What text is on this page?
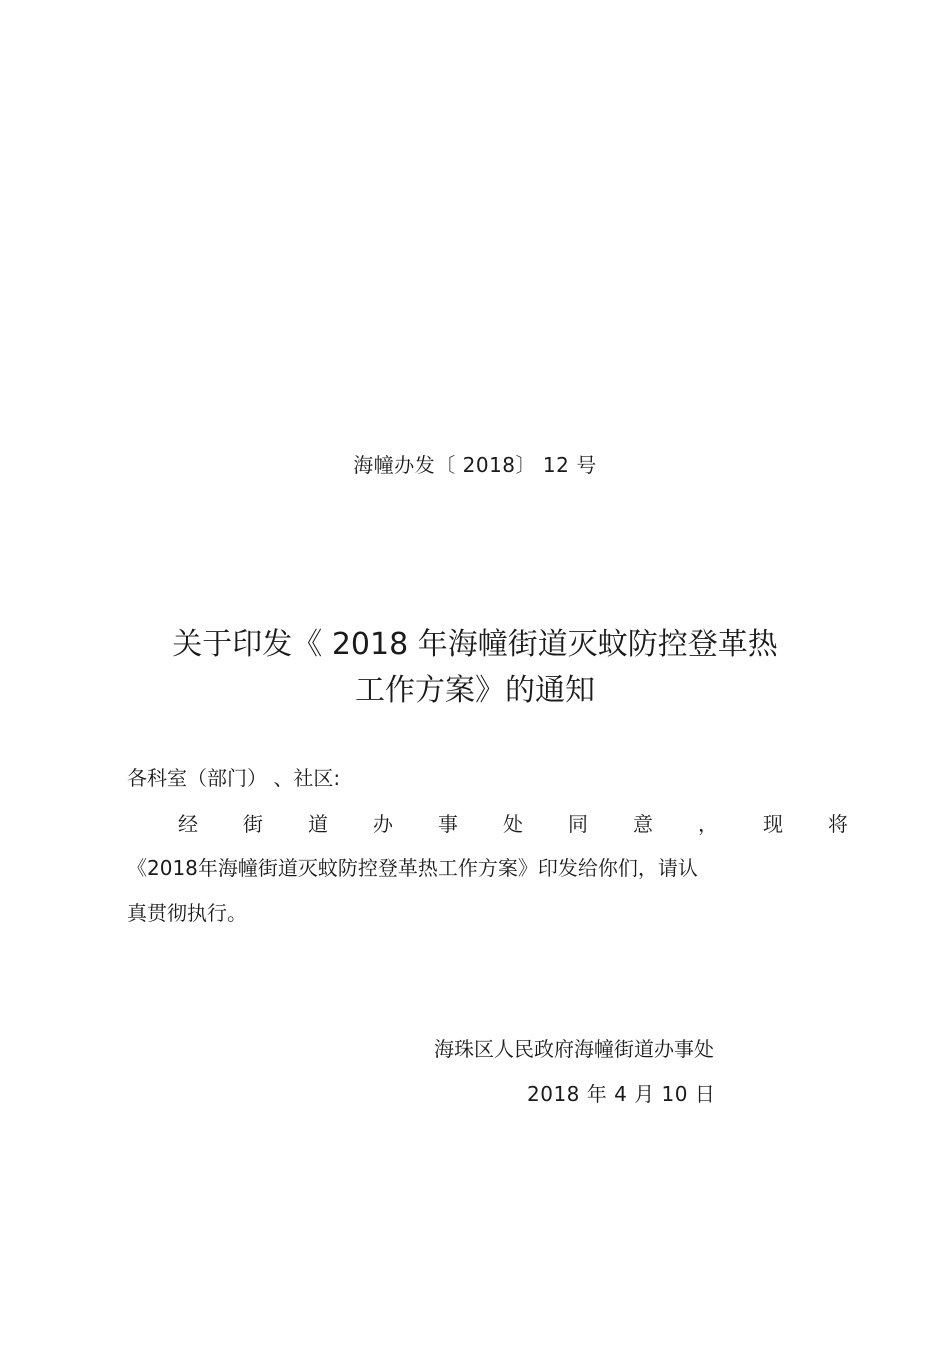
海幢办发〔 2018〕 12 号
关于印发《 2018 年海幢街道灭蚊防控登革热
工作方案》的通知
各科室（部门） 、社区:
经 街 道 办 事 处 同 意 ， 现 将
《2018年海幢街道灭蚊防控登革热工作方案》印发给你们，请认
真贯彻执行。
海珠区人民政府海幢街道办事处
2018 年 4 月 10 日
